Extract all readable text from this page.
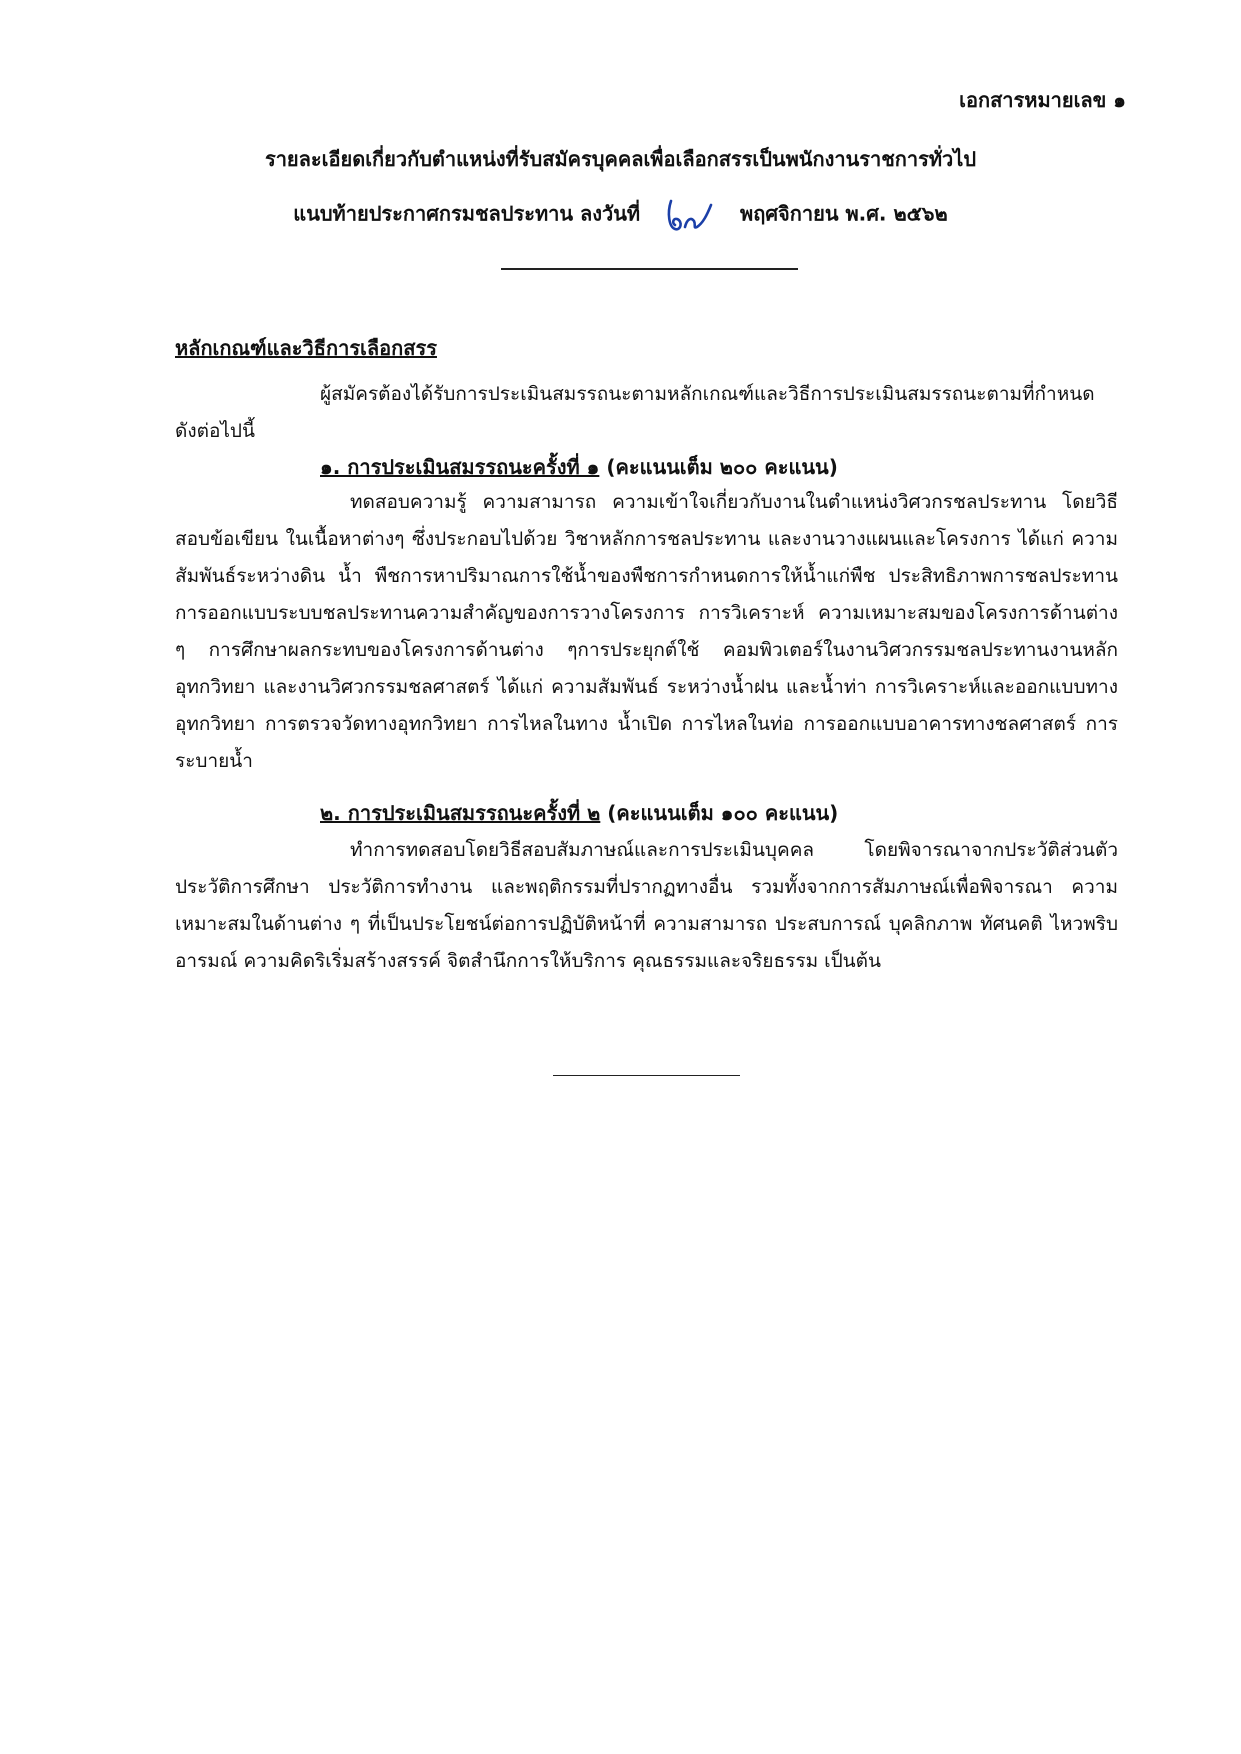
เอกสารหมายเลข ๑
รายละเอียดเกี่ยวกับตำแหน่งที่รับสมัครบุคคลเพื่อเลือกสรรเป็นพนักงานราชการทั่วไป
แนบท้ายประกาศกรมชลประทาน ลงวันที่	พฤศจิกายน พ.ศ. ๒๕๖๒
หลักเกณฑ์และวิธีการเลือกสรร
ผู้สมัครต้องได้รับการประเมินสมรรถนะตามหลักเกณฑ์และวิธีการประเมินสมรรถนะตามที่กำหนด ดังต่อไปนี้
๑. การประเมินสมรรถนะครั้งที่ ๑ (คะแนนเต็ม ๒๐๐ คะแนน)
ทดสอบความรู้ ความสามารถ ความเข้าใจเกี่ยวกับงานในตำแหน่งวิศวกรชลประทาน โดยวิธีสอบข้อเขียน ในเนื้อหาต่างๆ ซึ่งประกอบไปด้วย วิชาหลักการชลประทาน และงานวางแผนและโครงการ ได้แก่ ความสัมพันธ์ระหว่างดิน น้ำ พืชการหาปริมาณการใช้น้ำของพืชการกำหนดการให้น้ำแก่พืช ประสิทธิภาพการชลประทานการออกแบบระบบชลประทานความสำคัญของการวางโครงการ การวิเคราะห์ ความเหมาะสมของโครงการด้านต่าง ๆ การศึกษาผลกระทบของโครงการด้านต่าง ๆการประยุกต์ใช้ คอมพิวเตอร์ในงานวิศวกรรมชลประทานงานหลักอุทกวิทยา และงานวิศวกรรมชลศาสตร์ ได้แก่ ความสัมพันธ์ ระหว่างน้ำฝน และน้ำท่า การวิเคราะห์และออกแบบทางอุทกวิทยา การตรวจวัดทางอุทกวิทยา การไหลในทาง น้ำเปิด การไหลในท่อ การออกแบบอาคารทางชลศาสตร์ การระบายน้ำ
๒. การประเมินสมรรถนะครั้งที่ ๒ (คะแนนเต็ม ๑๐๐ คะแนน)
ทำการทดสอบโดยวิธีสอบสัมภาษณ์และการประเมินบุคคล โดยพิจารณาจากประวัติส่วนตัว ประวัติการศึกษา ประวัติการทำงาน และพฤติกรรมที่ปรากฏทางอื่น รวมทั้งจากการสัมภาษณ์เพื่อพิจารณา ความเหมาะสมในด้านต่าง ๆ ที่เป็นประโยชน์ต่อการปฏิบัติหน้าที่ ความสามารถ ประสบการณ์ บุคลิกภาพ ทัศนคติ ไหวพริบ อารมณ์ ความคิดริเริ่มสร้างสรรค์ จิตสำนึกการให้บริการ คุณธรรมและจริยธรรม เป็นต้น
